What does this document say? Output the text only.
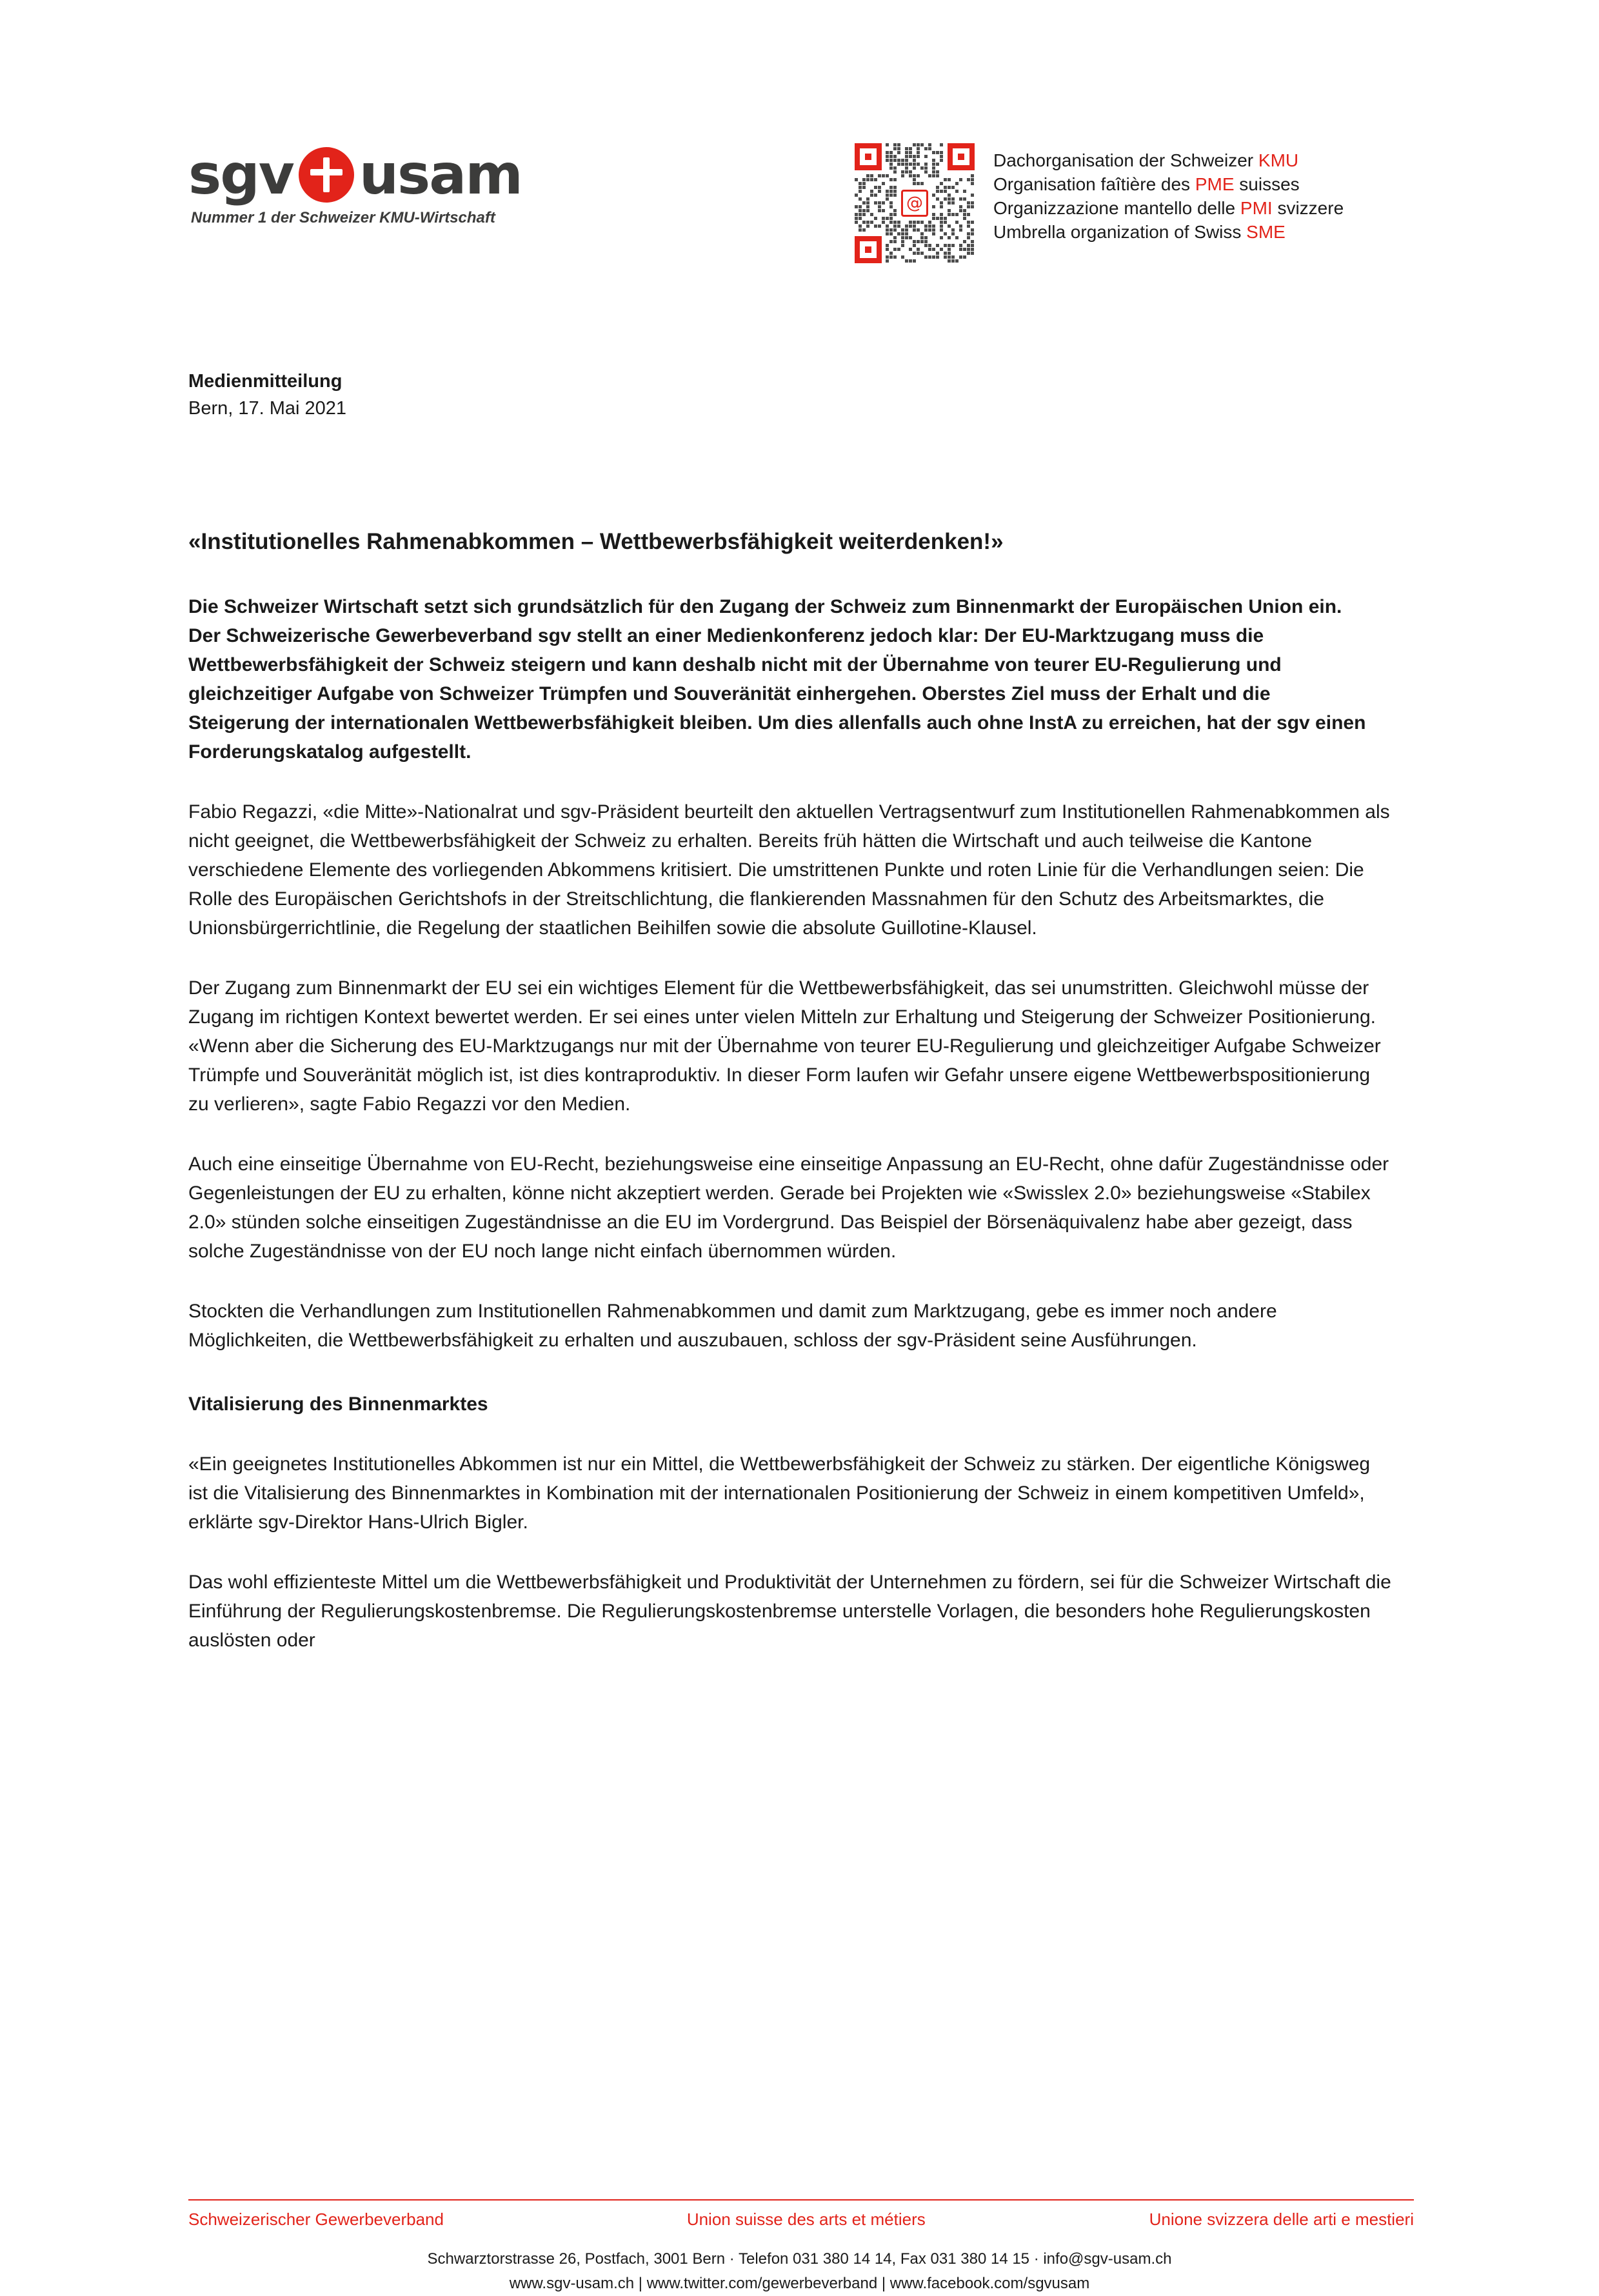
sgv usam
Nummer 1 der Schweizer KMU-Wirtschaft
@
Dachorganisation der Schweizer KMU
Organisation faîtière des PME suisses
Organizzazione mantello delle PMI svizzere
Umbrella organization of Swiss SME
Medienmitteilung
Bern, 17. Mai 2021
«Institutionelles Rahmenabkommen – Wettbewerbsfähigkeit weiterdenken!»

Die Schweizer Wirtschaft setzt sich grundsätzlich für den Zugang der Schweiz zum Binnenmarkt der Europäischen Union ein. Der Schweizerische Gewerbeverband sgv stellt an einer Medienkonferenz jedoch klar: Der EU-Marktzugang muss die Wettbewerbsfähigkeit der Schweiz steigern und kann deshalb nicht mit der Übernahme von teurer EU-Regulierung und gleichzeitiger Aufgabe von Schweizer Trümpfen und Souveränität einhergehen. Oberstes Ziel muss der Erhalt und die Steigerung der internationalen Wettbewerbsfähigkeit bleiben. Um dies allenfalls auch ohne InstA zu erreichen, hat der sgv einen Forderungskatalog aufgestellt.

Fabio Regazzi, «die Mitte»-Nationalrat und sgv-Präsident beurteilt den aktuellen Vertragsentwurf zum Institutionellen Rahmenabkommen als nicht geeignet, die Wettbewerbsfähigkeit der Schweiz zu erhalten. Bereits früh hätten die Wirtschaft und auch teilweise die Kantone verschiedene Elemente des vorliegenden Abkommens kritisiert. Die umstrittenen Punkte und roten Linie für die Verhandlungen seien: Die Rolle des Europäischen Gerichtshofs in der Streitschlichtung, die flankierenden Massnahmen für den Schutz des Arbeitsmarktes, die Unionsbürgerrichtlinie, die Regelung der staatlichen Beihilfen sowie die absolute Guillotine-Klausel.

Der Zugang zum Binnenmarkt der EU sei ein wichtiges Element für die Wettbewerbsfähigkeit, das sei unumstritten. Gleichwohl müsse der Zugang im richtigen Kontext bewertet werden. Er sei eines unter vielen Mitteln zur Erhaltung und Steigerung der Schweizer Positionierung. «Wenn aber die Sicherung des EU-Marktzugangs nur mit der Übernahme von teurer EU-Regulierung und gleichzeitiger Aufgabe Schweizer Trümpfe und Souveränität möglich ist, ist dies kontraproduktiv. In dieser Form laufen wir Gefahr unsere eigene Wettbewerbspositionierung zu verlieren», sagte Fabio Regazzi vor den Medien.

Auch eine einseitige Übernahme von EU-Recht, beziehungsweise eine einseitige Anpassung an EU-Recht, ohne dafür Zugeständnisse oder Gegenleistungen der EU zu erhalten, könne nicht akzeptiert werden. Gerade bei Projekten wie «Swisslex 2.0» beziehungsweise «Stabilex 2.0» stünden solche einseitigen Zugeständnisse an die EU im Vordergrund. Das Beispiel der Börsenäquivalenz habe aber gezeigt, dass solche Zugeständnisse von der EU noch lange nicht einfach übernommen würden.

Stockten die Verhandlungen zum Institutionellen Rahmenabkommen und damit zum Marktzugang, gebe es immer noch andere Möglichkeiten, die Wettbewerbsfähigkeit zu erhalten und auszubauen, schloss der sgv-Präsident seine Ausführungen.

Vitalisierung des Binnenmarktes

«Ein geeignetes Institutionelles Abkommen ist nur ein Mittel, die Wettbewerbsfähigkeit der Schweiz zu stärken. Der eigentliche Königsweg ist die Vitalisierung des Binnenmarktes in Kombination mit der internationalen Positionierung der Schweiz in einem kompetitiven Umfeld», erklärte sgv-Direktor Hans-Ulrich Bigler.

Das wohl effizienteste Mittel um die Wettbewerbsfähigkeit und Produktivität der Unternehmen zu fördern, sei für die Schweizer Wirtschaft die Einführung der Regulierungskostenbremse. Die Regulierungskostenbremse unterstelle Vorlagen, die besonders hohe Regulierungskosten auslösten oder

Schweizerischer Gewerbeverband	Union suisse des arts et métiers	Unione svizzera delle arti e mestieri
Schwarztorstrasse 26, Postfach, 3001 Bern · Telefon 031 380 14 14, Fax 031 380 14 15 · info@sgv-usam.ch
www.sgv-usam.ch | www.twitter.com/gewerbeverband | www.facebook.com/sgvusam
